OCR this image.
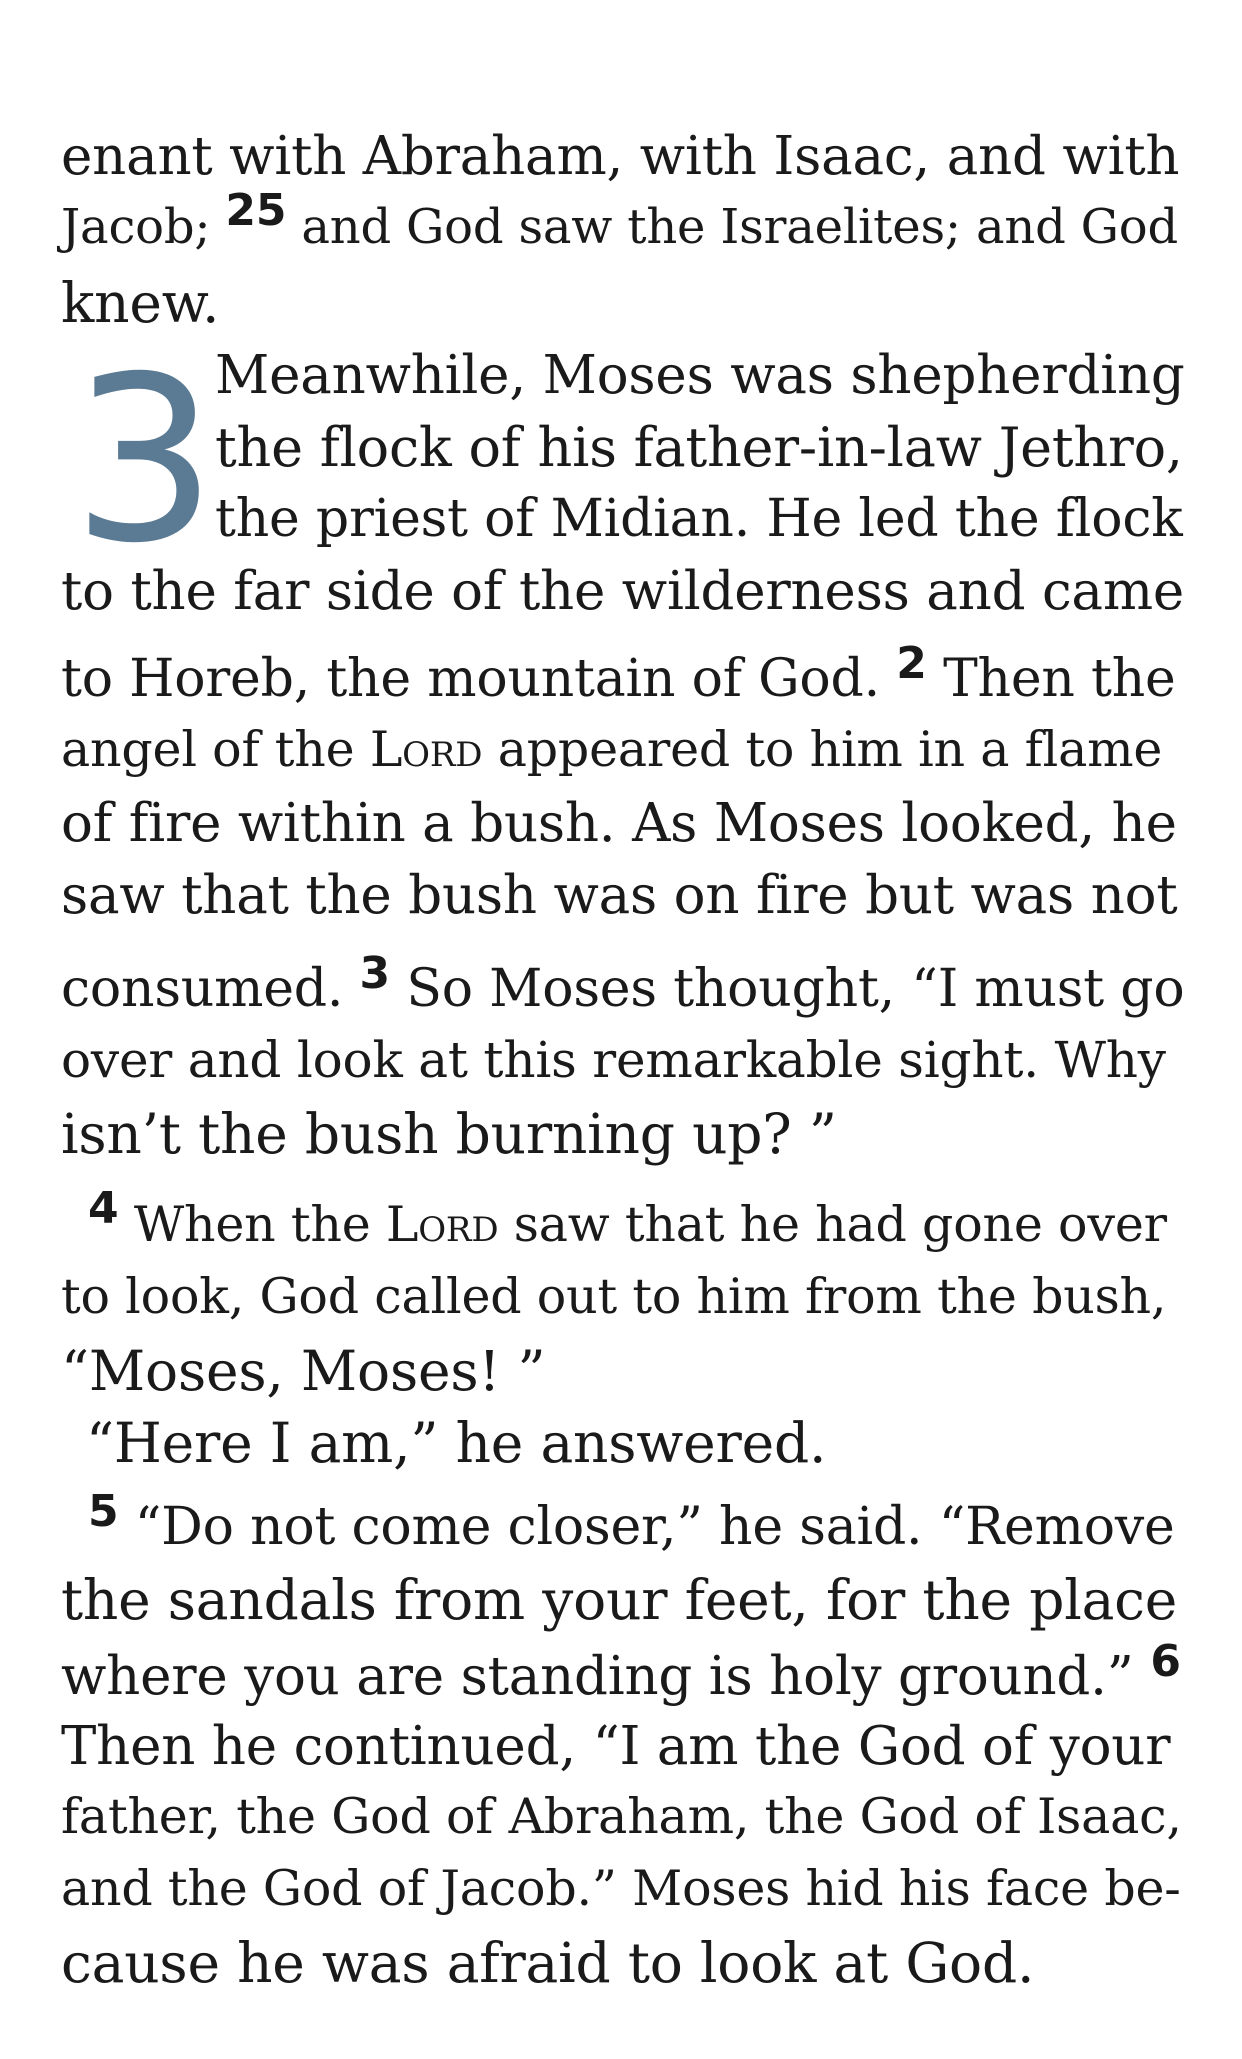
enant with Abraham, with Isaac, and with
Jacob; 25 and God saw the Israelites; and God
knew.
3
Meanwhile, Moses was shepherding
the flock of his father-in-law Jethro,
the priest of Midian. He led the flock
to the far side of the wilderness and came
to Horeb, the mountain of God. $^2$ Then the
angel of the Lord appeared to him in a flame
of fire within a bush. As Moses looked, he
saw that the bush was on fire but was not
consumed. $^3$ So Moses thought, “I must go
over and look at this remarkable sight. Why
isn’t the bush burning up? ”
4 When the Lord saw that he had gone over
to look, God called out to him from the bush,
“Moses, Moses! ”
“Here I am,” he answered.
$^5$ “Do not come closer,” he said. “Remove
the sandals from your feet, for the place
where you are standing is holy ground.” $^6$
Then he continued, “I am the God of your
father, the God of Abraham, the God of Isaac,
and the God of Jacob.” Moses hid his face be-
cause he was afraid to look at God.
